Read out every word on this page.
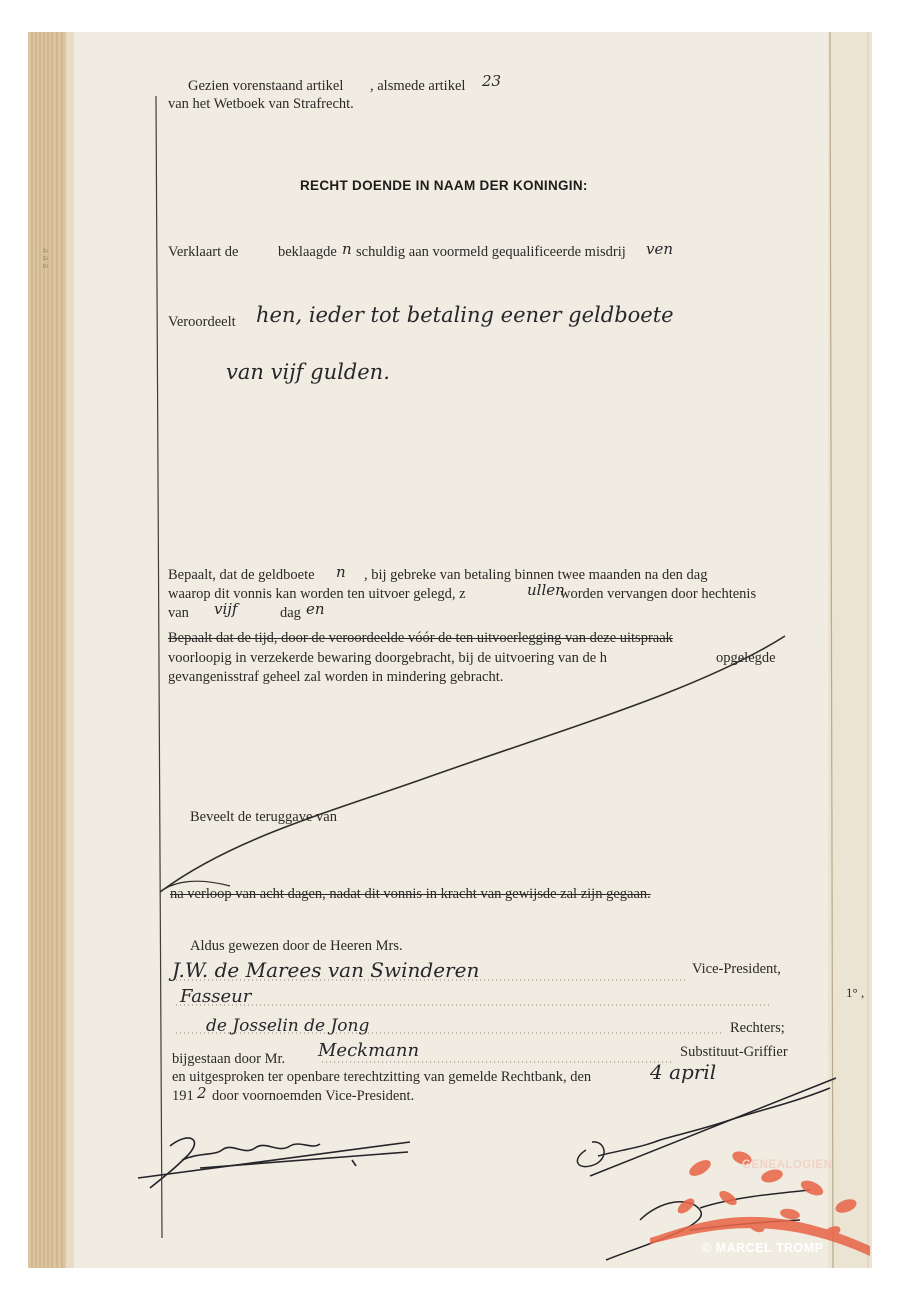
a a a
Gezien vorenstaand artikel , alsmede artikel 23
van het Wetboek van Strafrecht.
RECHT DOENDE IN NAAM DER KONINGIN:
Verklaart de	beklaagde n schuldig aan voormeld gequalificeerde misdrij ven
Veroordeelt hen, ieder tot betaling eener geldboete
van vijf gulden.
Bepaalt, dat de geldboete n , bij gebreke van betaling binnen twee maanden na den dag
waarop dit vonnis kan worden ten uitvoer gelegd, z	ullen
worden vervangen door hechtenis
van vijf	dag en
Bepaalt dat de tijd, door de veroordeelde vóór de ten uitvoerlegging van deze uitspraak
voorloopig in verzekerde bewaring doorgebracht, bij de uitvoering van de h	opgelegde
gevangenisstraf geheel zal worden in mindering gebracht.
Beveelt de teruggave van
na verloop van acht dagen, nadat dit vonnis in kracht van gewijsde zal zijn gegaan.
Aldus gewezen door de Heeren Mrs.
J.W. de Marees van Swinderen	Vice-President,
Fasseur
de Josselin de Jong	Rechters;
bijgestaan door Mr. Meckmann	Substituut-Griffier
en uitgesproken ter openbare terechtzitting van gemelde Rechtbank, den	4 april
191 2 door voornoemden Vice-President.
1° ,
GENEALOGIEN
© MARCEL TROMP
